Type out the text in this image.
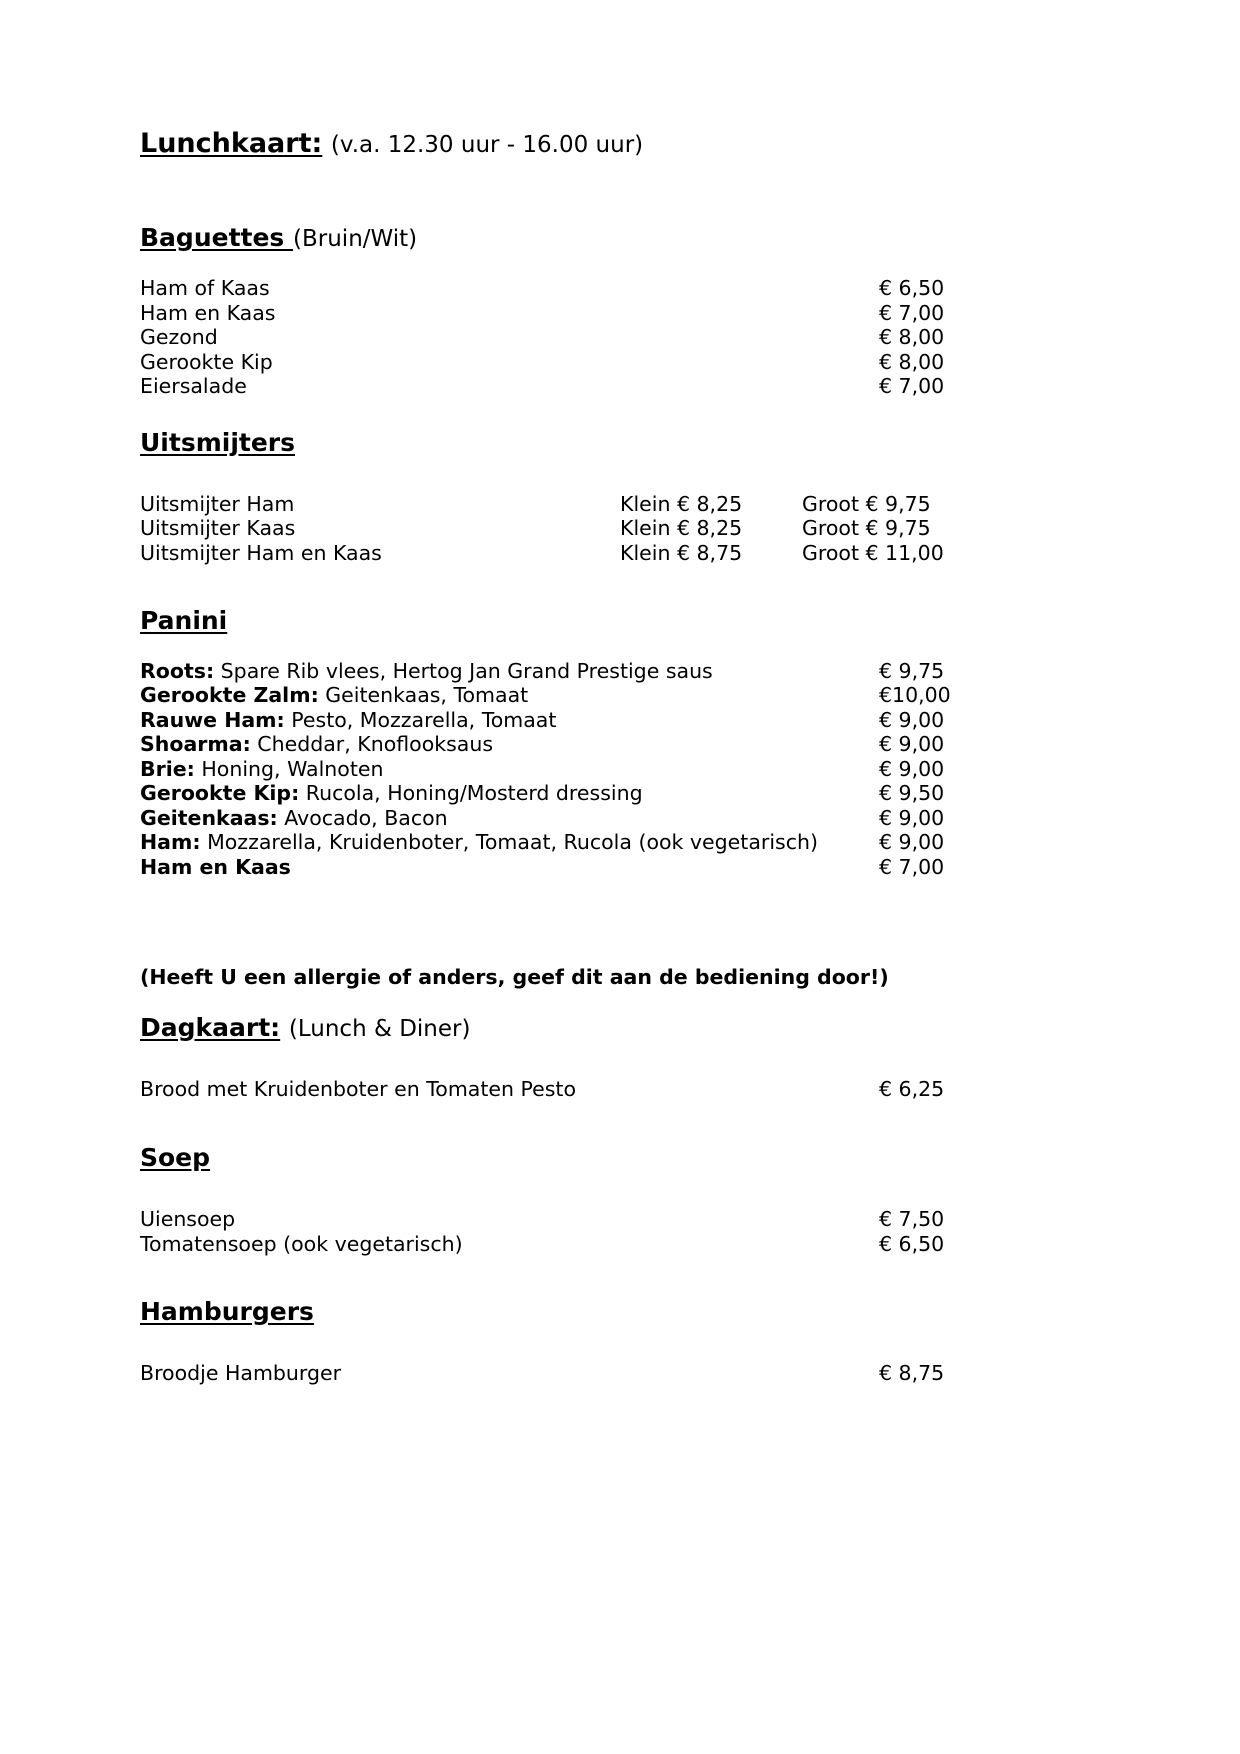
Lunchkaart: (v.a. 12.30 uur - 16.00 uur)
Baguettes (Bruin/Wit)
Ham of Kaas	€ 6,50
Ham en Kaas	€ 7,00
Gezond	€ 8,00
Gerookte Kip	€ 8,00
Eiersalade	€ 7,00
Uitsmijters
Uitsmijter Ham	Klein € 8,25	Groot € 9,75
Uitsmijter Kaas	Klein € 8,25	Groot € 9,75
Uitsmijter Ham en Kaas	Klein € 8,75	Groot € 11,00
Panini
Roots: Spare Rib vlees, Hertog Jan Grand Prestige saus	€ 9,75
Gerookte Zalm: Geitenkaas, Tomaat	€10,00
Rauwe Ham: Pesto, Mozzarella, Tomaat	€ 9,00
Shoarma: Cheddar, Knoflooksaus	€ 9,00
Brie: Honing, Walnoten	€ 9,00
Gerookte Kip: Rucola, Honing/Mosterd dressing	€ 9,50
Geitenkaas: Avocado, Bacon	€ 9,00
Ham: Mozzarella, Kruidenboter, Tomaat, Rucola (ook vegetarisch)	€ 9,00
Ham en Kaas	€ 7,00
(Heeft U een allergie of anders, geef dit aan de bediening door!)
Dagkaart: (Lunch & Diner)
Brood met Kruidenboter en Tomaten Pesto	€ 6,25
Soep
Uiensoep	€ 7,50
Tomatensoep (ook vegetarisch)	€ 6,50
Hamburgers
Broodje Hamburger	€ 8,75
